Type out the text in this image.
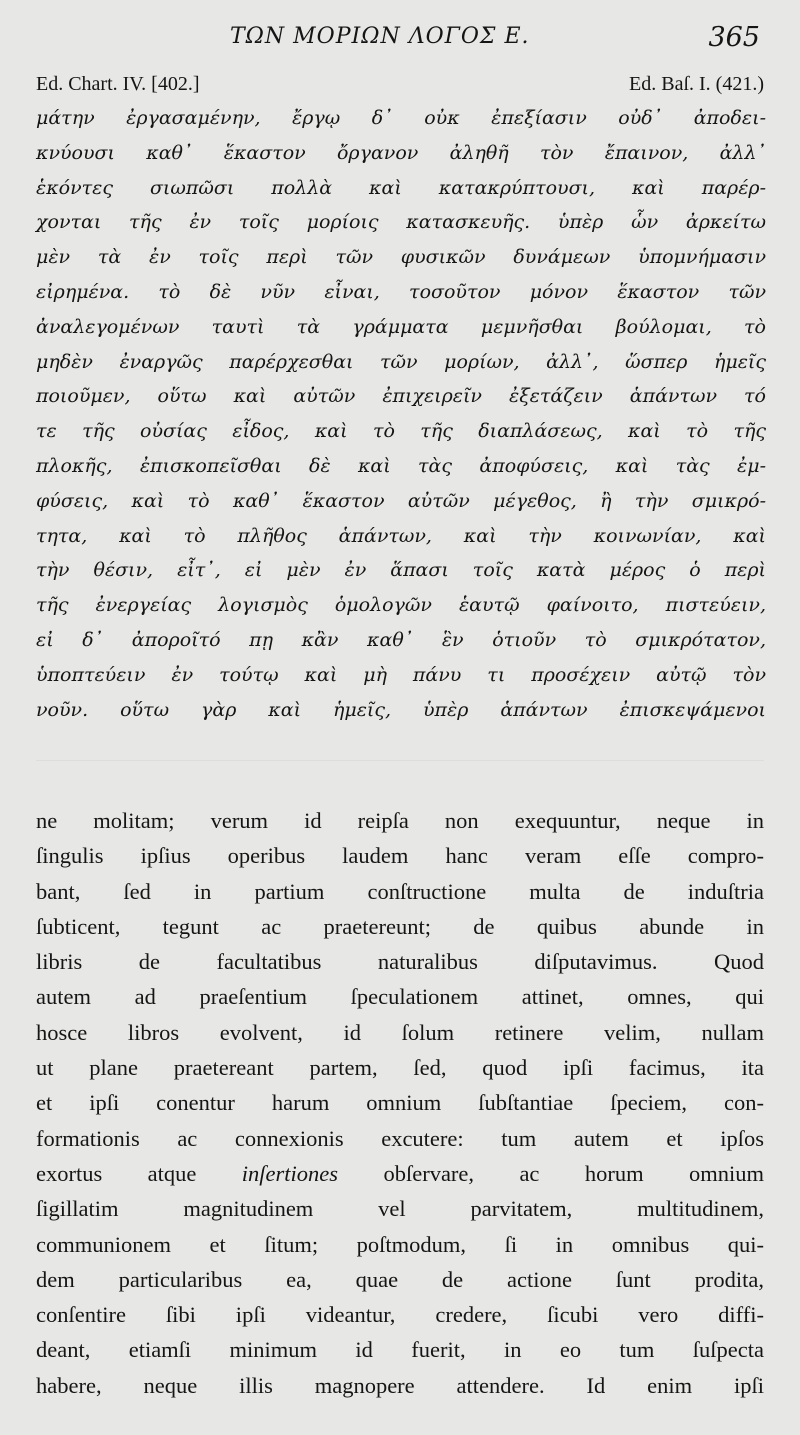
ΤΩΝ ΜΟΡΙΩΝ ΛΟΓΟΣ Ε.	365
Ed. Chart. IV. [402.]	Ed. Baſ. I. (421.)
μάτην ἐργασαμένην, ἔργῳ δ᾽ οὐκ ἐπεξίασιν οὐδ᾽ ἀποδει-
κνύουσι καθ᾽ ἕκαστον ὄργανον ἀληθῆ τὸν ἔπαινον, ἀλλ᾽
ἑκόντες σιωπῶσι πολλὰ καὶ κατακρύπτουσι, καὶ παρέρ-
χονται τῆς ἐν τοῖς μορίοις κατασκευῆς. ὑπὲρ ὧν ἀρκείτω
μὲν τὰ ἐν τοῖς περὶ τῶν φυσικῶν δυνάμεων ὑπομνήμασιν
εἰρημένα. τὸ δὲ νῦν εἶναι, τοσοῦτον μόνον ἕκαστον τῶν
ἀναλεγομένων ταυτὶ τὰ γράμματα μεμνῆσθαι βούλομαι, τὸ
μηδὲν ἐναργῶς παρέρχεσθαι τῶν μορίων, ἀλλ᾽, ὥσπερ ἡμεῖς
ποιοῦμεν, οὕτω καὶ αὐτῶν ἐπιχειρεῖν ἐξετάζειν ἁπάντων τό
τε τῆς οὐσίας εἶδος, καὶ τὸ τῆς διαπλάσεως, καὶ τὸ τῆς
πλοκῆς, ἐπισκοπεῖσθαι δὲ καὶ τὰς ἀποφύσεις, καὶ τὰς ἐμ-
φύσεις, καὶ τὸ καθ᾽ ἕκαστον αὐτῶν μέγεθος, ἢ τὴν σμικρό-
τητα, καὶ τὸ πλῆθος ἁπάντων, καὶ τὴν κοινωνίαν, καὶ
τὴν θέσιν, εἶτ᾽, εἰ μὲν ἐν ἅπασι τοῖς κατὰ μέρος ὁ περὶ
τῆς ἐνεργείας λογισμὸς ὁμολογῶν ἑαυτῷ φαίνοιτο, πιστεύειν,
εἰ δ᾽ ἀποροῖτό πῃ κἂν καθ᾽ ἓν ὁτιοῦν τὸ σμικρότατον,
ὑποπτεύειν ἐν τούτῳ καὶ μὴ πάνυ τι προσέχειν αὐτῷ τὸν
νοῦν. οὕτω γὰρ καὶ ἡμεῖς, ὑπὲρ ἁπάντων ἐπισκεψάμενοι
ne molitam; verum id reipſa non exequuntur, neque in
ſingulis ipſius operibus laudem hanc veram eſſe compro-
bant, ſed in partium conſtructione multa de induſtria
ſubticent, tegunt ac praetereunt; de quibus abunde in
libris de facultatibus naturalibus diſputavimus. Quod
autem ad praeſentium ſpeculationem attinet, omnes, qui
hosce libros evolvent, id ſolum retinere velim, nullam
ut plane praetereant partem, ſed, quod ipſi facimus, ita
et ipſi conentur harum omnium ſubſtantiae ſpeciem, con-
formationis ac connexionis excutere: tum autem et ipſos
exortus atque inſertiones obſervare, ac horum omnium
ſigillatim magnitudinem vel parvitatem, multitudinem,
communionem et ſitum; poſtmodum, ſi in omnibus qui-
dem particularibus ea, quae de actione ſunt prodita,
conſentire ſibi ipſi videantur, credere, ſicubi vero diffi-
deant, etiamſi minimum id fuerit, in eo tum ſuſpecta
habere, neque illis magnopere attendere. Id enim ipſi
